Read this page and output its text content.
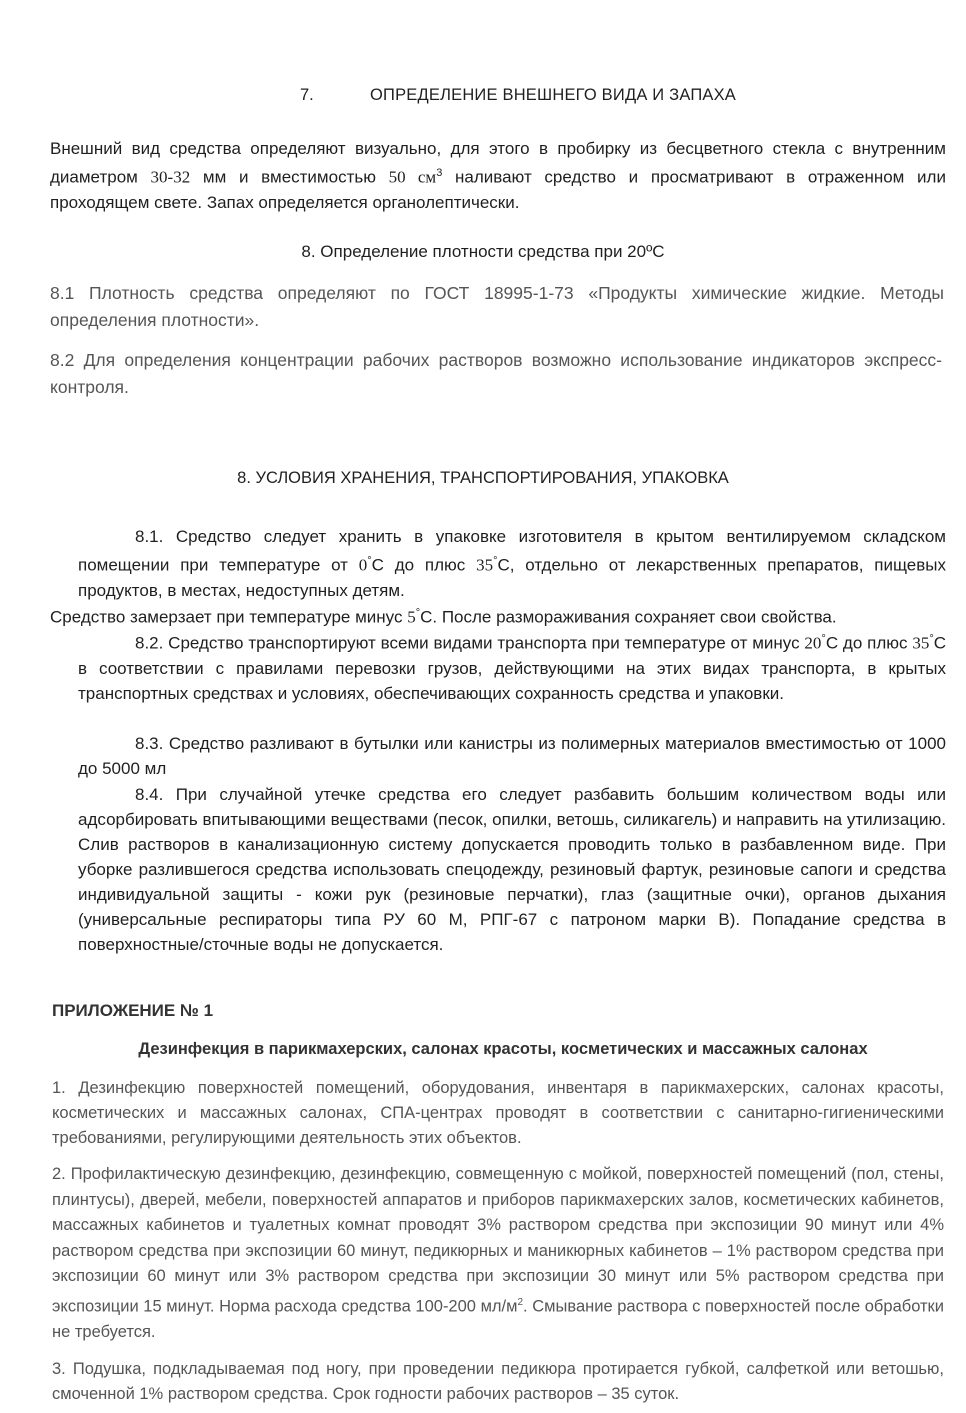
7.	ОПРЕДЕЛЕНИЕ ВНЕШНЕГО ВИДА И ЗАПАХА
Внешний вид средства определяют визуально, для этого в пробирку из бесцветного стекла с внутренним диаметром 30-32 мм и вместимостью 50 $см^3$ наливают средство и просматривают в отраженном или проходящем свете. Запах определяется органолептически.
8. Определение плотности средства при 20ºС
8.1 Плотность средства определяют по ГОСТ 18995-1-73 «Продукты химические жидкие. Методы определения плотности».
8.2 Для определения концентрации рабочих растворов возможно использование индикаторов экспресс-контроля.
8. УСЛОВИЯ ХРАНЕНИЯ, ТРАНСПОРТИРОВАНИЯ, УПАКОВКА
8.1. Средство следует хранить в упаковке изготовителя в крытом вентилируемом складском помещении при температуре от 0°С до плюс 35°С, отдельно от лекарственных препаратов, пищевых продуктов, в местах, недоступных детям.
Средство замерзает при температуре минус 5°С. После размораживания сохраняет свои свойства.
8.2. Средство транспортируют всеми видами транспорта при температуре от минус 20°С до плюс 35°С в соответствии с правилами перевозки грузов, действующими на этих видах транспорта, в крытых транспортных средствах и условиях, обеспечивающих сохранность средства и упаковки.
8.3. Средство разливают в бутылки или канистры из полимерных материалов вместимостью от 1000 до 5000 мл
8.4. При случайной утечке средства его следует разбавить большим количеством воды или адсорбировать впитывающими веществами (песок, опилки, ветошь, силикагель) и направить на утилизацию. Слив растворов в канализационную систему допускается проводить только в разбавленном виде. При уборке разлившегося средства использовать спецодежду, резиновый фартук, резиновые сапоги и средства индивидуальной защиты - кожи рук (резиновые перчатки), глаз (защитные очки), органов дыхания (универсальные респираторы типа РУ 60 М, РПГ-67 с патроном марки В). Попадание средства в поверхностные/сточные воды не допускается.
ПРИЛОЖЕНИЕ № 1
Дезинфекция в парикмахерских, салонах красоты, косметических и массажных салонах
1. Дезинфекцию поверхностей помещений, оборудования, инвентаря в парикмахерских, салонах красоты, косметических и массажных салонах, СПА-центрах проводят в соответствии с санитарно-гигиеническими требованиями, регулирующими деятельность этих объектов.
2. Профилактическую дезинфекцию, дезинфекцию, совмещенную с мойкой, поверхностей помещений (пол, стены, плинтусы), дверей, мебели, поверхностей аппаратов и приборов парикмахерских залов, косметических кабинетов, массажных кабинетов и туалетных комнат проводят 3% раствором средства при экспозиции 90 минут или 4% раствором средства при экспозиции 60 минут, педикюрных и маникюрных кабинетов – 1% раствором средства при экспозиции 60 минут или 3% раствором средства при экспозиции 30 минут или 5% раствором средства при экспозиции 15 минут. Норма расхода средства 100-200 $мл/м^2$. Смывание раствора с поверхностей после обработки не требуется.
3. Подушка, подкладываемая под ногу, при проведении педикюра протирается губкой, салфеткой или ветошью, смоченной 1% раствором средства. Срок годности рабочих растворов – 35 суток.
